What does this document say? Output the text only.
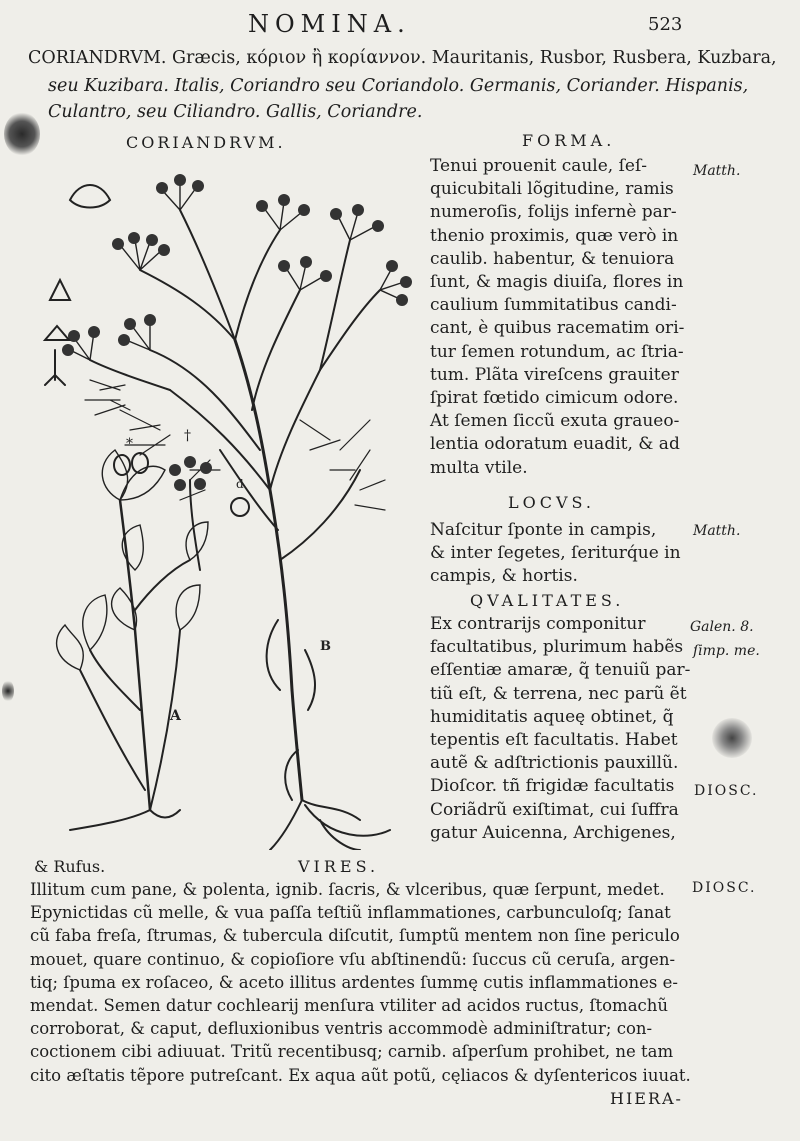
NOMINA.	523
CORIANDRVM. Græcis, κόριον ἢ κορίαννον. Mauritanis, Rusbor, Rusbera, Kuzbara,
seu Kuzibara. Italis, Coriandro seu Coriandolo. Germanis, Coriander. Hispanis,
Culantro, seu Ciliandro. Gallis, Coriandre.
CORIANDRVM.
A
B
*	†
d
FORMA.
Tenui prouenit caule, ſeſ-
quicubitali lõgitudine, ramis
numeroſis, folijs infernè par-
thenio proximis, quæ verò in
caulib. habentur, & tenuiora
ſunt, & magis diuiſa, flores in
caulium ſummitatibus candi-
cant, è quibus racematim ori-
tur ſemen rotundum, ac ſtria-
tum. Plãta vireſcens grauiter
ſpirat fœtido cimicum odore.
At ſemen ſiccũ exuta graueo-
lentia odoratum euadit, & ad
multa vtile.
LOCVS.
Naſcitur ſponte in campis,
& inter ſegetes, ſeriturq́ue in
campis, & hortis.
QVALITATES.
Ex contrarijs componitur
facultatibus, plurimum habẽs
eſſentiæ amaræ, q̃ tenuiũ par-
tiũ eſt, & terrena, nec parũ ẽt
humiditatis aqueę obtinet, q̃
tepentis eſt facultatis. Habet
autẽ & adſtrictionis pauxillũ.
Dioſcor. tñ frigidæ facultatis
Coriãdrũ exiſtimat, cui ſuffra
gatur Auicenna, Archigenes,
Matth.
Matth.
Galen. 8.
ſimp. me.
DIOSC.
DIOSC.
& Rufus.	VIRES.
Illitum cum pane, & polenta, ignib. ſacris, & vlceribus, quæ ſerpunt, medet.
Epynictidas cũ melle, & vua paſſa teſtiũ inflammationes, carbunculoſq; ſanat
cũ faba freſa, ſtrumas, & tubercula diſcutit, ſumptũ mentem non ſine periculo
mouet, quare continuo, & copioſiore vſu abſtinendũ: ſuccus cũ ceruſa, argen-
tiq; ſpuma ex roſaceo, & aceto illitus ardentes ſummę cutis inflammationes e-
mendat. Semen datur cochlearij menſura vtiliter ad acidos ructus, ſtomachũ
corroborat, & caput, defluxionibus ventris accommodè adminiſtratur; con-
coctionem cibi adiuuat. Tritũ recentibusq; carnib. aſperſum prohibet, ne tam
cito æſtatis tẽpore putreſcant. Ex aqua aũt potũ, cęliacos & dyſentericos iuuat.
HIERA-
